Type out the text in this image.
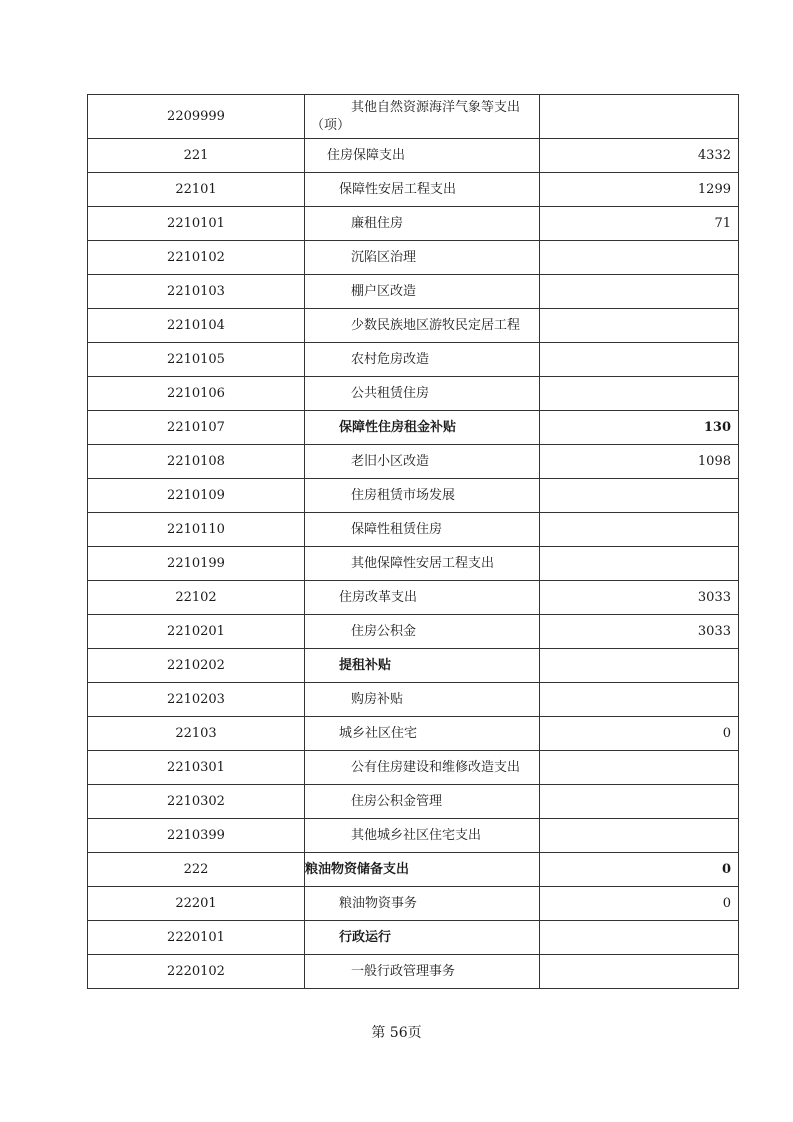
2209999	其他自然资源海洋气象等支出（项）	
221	住房保障支出	4332
22101	保障性安居工程支出	1299
2210101	廉租住房	71
2210102	沉陷区治理	
2210103	棚户区改造	
2210104	少数民族地区游牧民定居工程	
2210105	农村危房改造	
2210106	公共租赁住房	
2210107	保障性住房租金补贴	130
2210108	老旧小区改造	1098
2210109	住房租赁市场发展	
2210110	保障性租赁住房	
2210199	其他保障性安居工程支出	
22102	住房改革支出	3033
2210201	住房公积金	3033
2210202	提租补贴	
2210203	购房补贴	
22103	城乡社区住宅	0
2210301	公有住房建设和维修改造支出	
2210302	住房公积金管理	
2210399	其他城乡社区住宅支出	
222	粮油物资储备支出	0
22201	粮油物资事务	0
2220101	行政运行	
2220102	一般行政管理事务	
第 56页
